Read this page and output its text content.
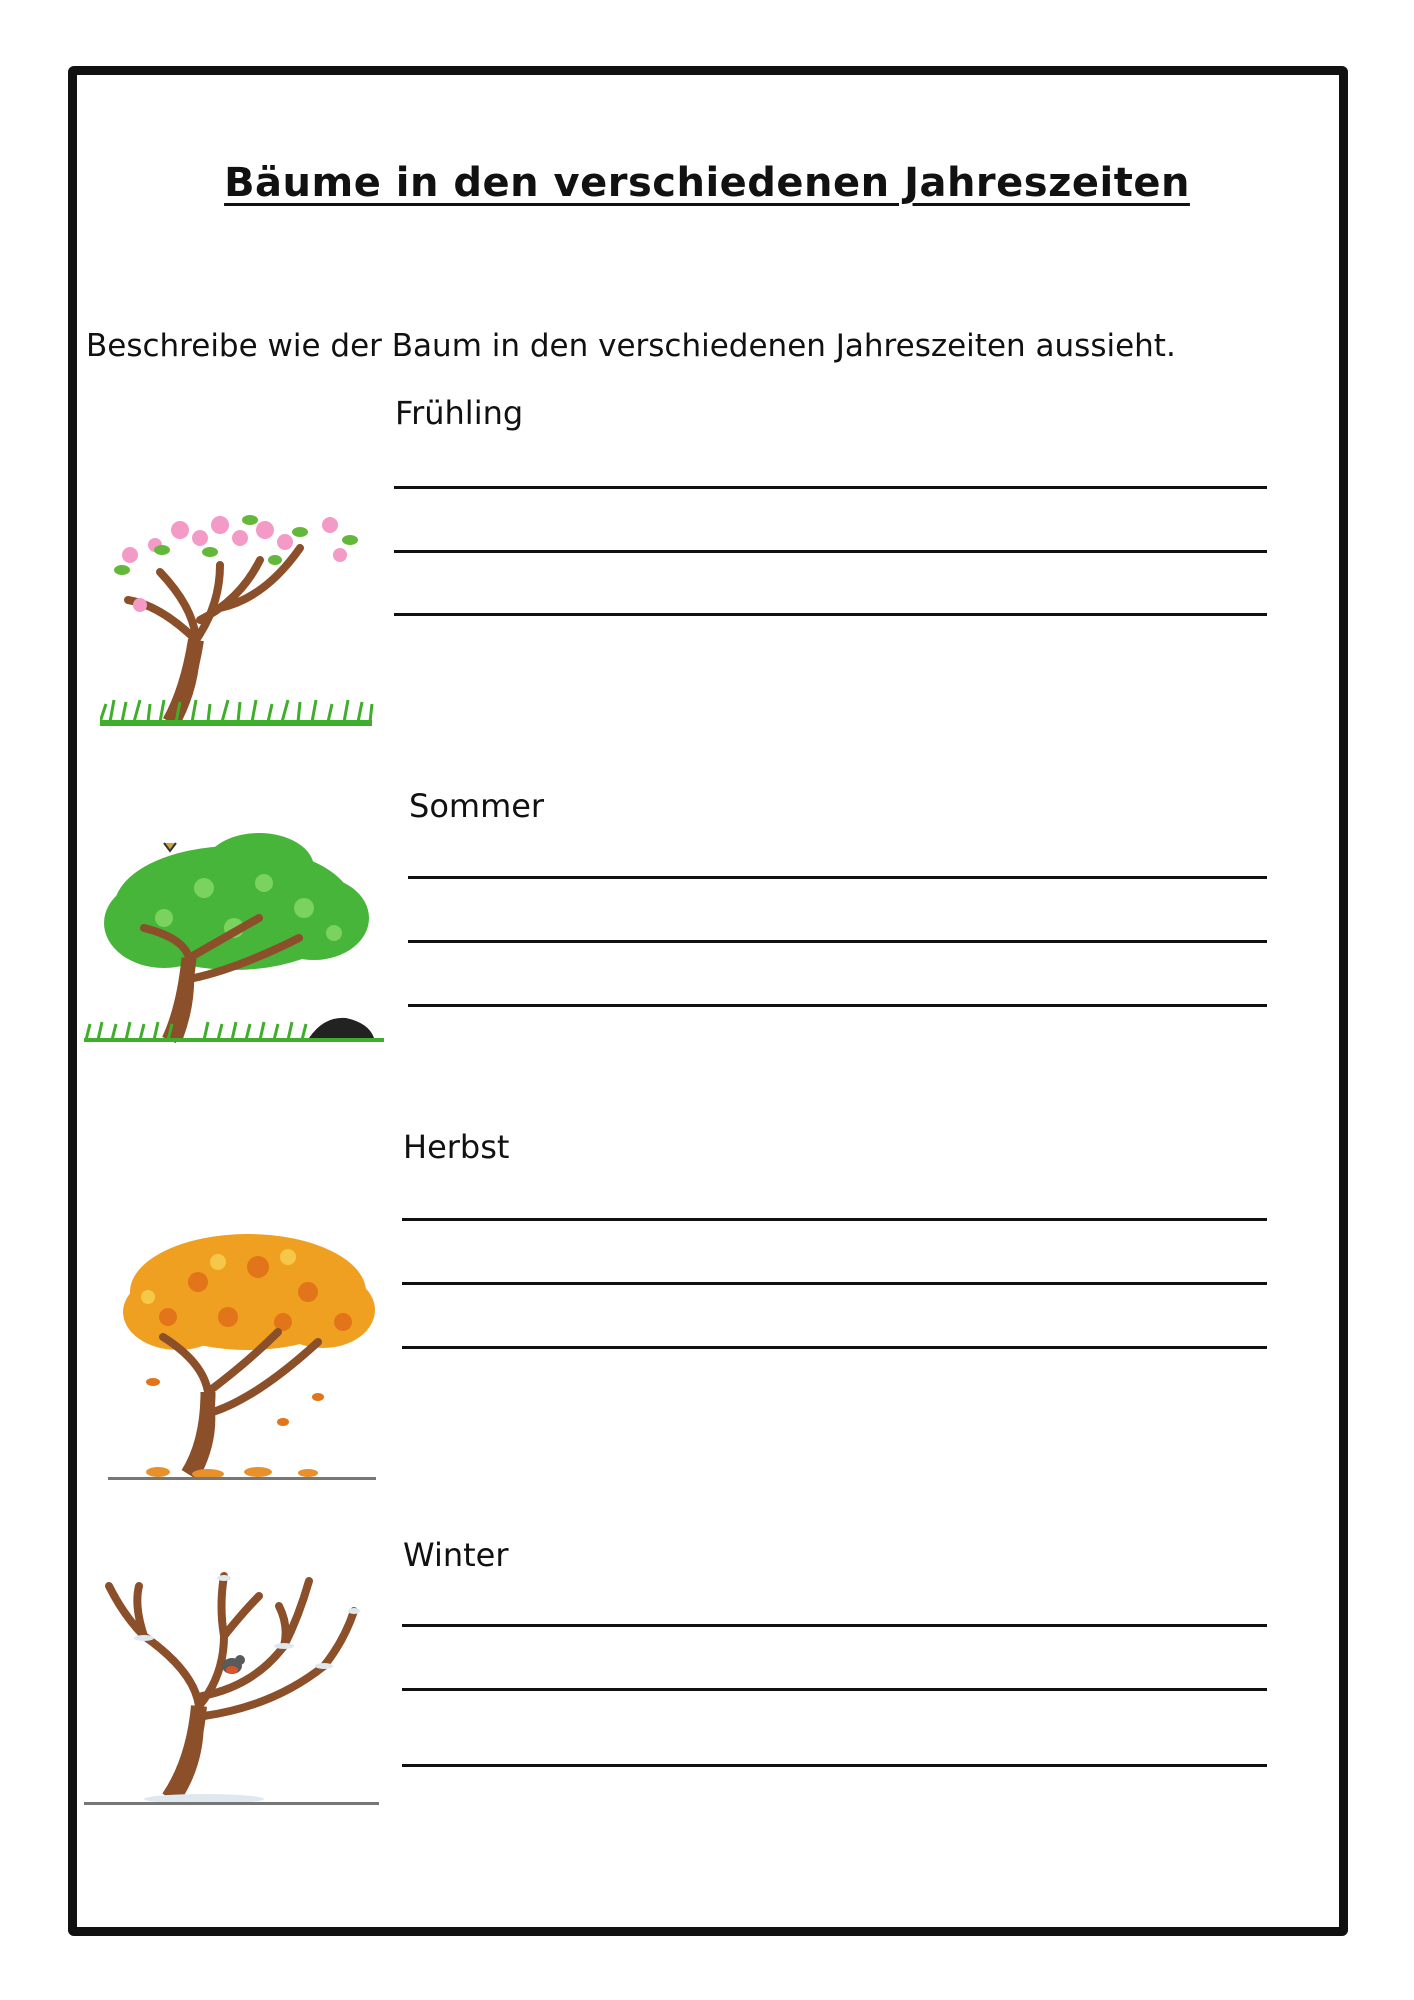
Bäume in den verschiedenen Jahreszeiten
Beschreibe wie der Baum in den verschiedenen Jahreszeiten aussieht.
Frühling
Sommer
Herbst
Winter
